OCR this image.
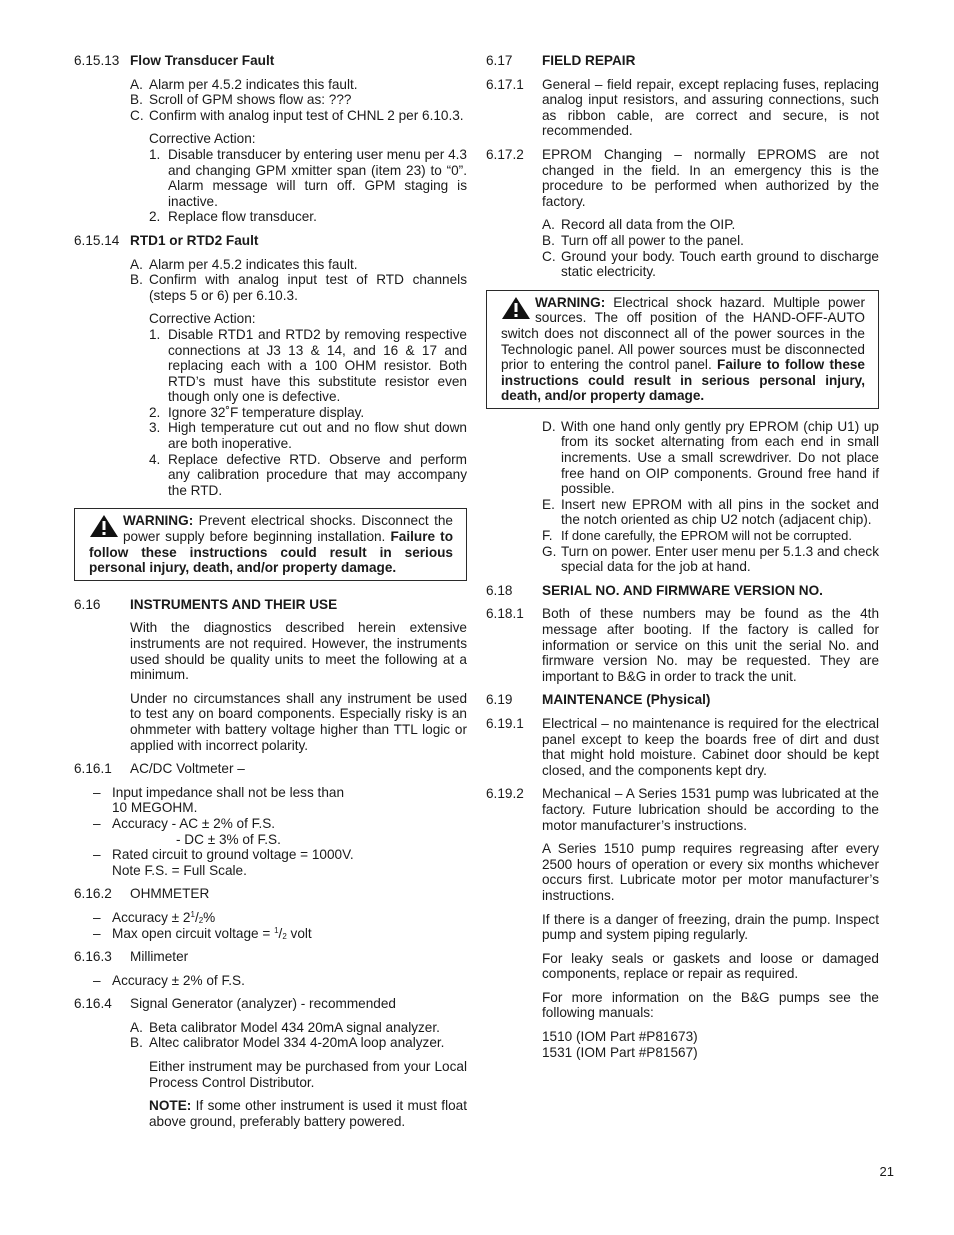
6.15.13 Flow Transducer Fault
A. Alarm per 4.5.2 indicates this fault.
B. Scroll of GPM shows flow as: ???
C. Confirm with analog input test of CHNL 2 per 6.10.3.
Corrective Action:
1. Disable transducer by entering user menu per 4.3 and changing GPM xmitter span (item 23) to “0”. Alarm message will turn off. GPM staging is inactive.
2. Replace flow transducer.
6.15.14 RTD1 or RTD2 Fault
A. Alarm per 4.5.2 indicates this fault.
B. Confirm with analog input test of RTD channels (steps 5 or 6) per 6.10.3.
Corrective Action:
1. Disable RTD1 and RTD2 by removing respective connections at J3 13 & 14, and 16 & 17 and replacing each with a 100 OHM resistor. Both RTD’s must have this substitute resistor even though only one is defective.
2. Ignore 32˚F temperature display.
3. High temperature cut out and no flow shut down are both inoperative.
4. Replace defective RTD. Observe and perform any calibration procedure that may accompany the RTD.
WARNING: Prevent electrical shocks. Disconnect the power supply before beginning installation. Failure to follow these instructions could result in serious personal injury, death, and/or property damage.
6.16	INSTRUMENTS AND THEIR USE
With the diagnostics described herein extensive instruments are not required. However, the instruments used should be quality units to meet the following at a minimum.
Under no circumstances shall any instrument be used to test any on board components. Especially risky is an ohmmeter with battery voltage higher than TTL logic or applied with incorrect polarity.
6.16.1	AC/DC Voltmeter –
– Input impedance shall not be less than
10 MEGOHM.
– Accuracy - AC ± 2% of F.S.
- DC ± 3% of F.S.
– Rated circuit to ground voltage = 1000V.
Note F.S. = Full Scale.
6.16.2	OHMMETER
– Accuracy ± $2^1/2\%$
– Max open circuit voltage = $^1$/2 volt
6.16.3	Millimeter
– Accuracy ± 2% of F.S.
6.16.4	Signal Generator (analyzer) - recommended
A. Beta calibrator Model 434 20mA signal analyzer.
B. Altec calibrator Model 334 4-20mA loop analyzer.
Either instrument may be purchased from your Local Process Control Distributor.
NOTE: If some other instrument is used it must float above ground, preferably battery powered.
6.17	FIELD REPAIR
6.17.1	General – field repair, except replacing fuses, replacing analog input resistors, and assuring connections, such as ribbon cable, are correct and secure, is not recommended.
6.17.2	EPROM Changing – normally EPROMS are not changed in the field. In an emergency this is the procedure to be performed when authorized by the factory.
A. Record all data from the OIP.
B. Turn off all power to the panel.
C. Ground your body. Touch earth ground to discharge static electricity.
WARNING: Electrical shock hazard. Multiple power sources. The off position of the HAND-OFF-AUTO switch does not disconnect all of the power sources in the Technologic panel. All power sources must be disconnected prior to entering the control panel. Failure to follow these instructions could result in serious personal injury, death, and/or property damage.
D. With one hand only gently pry EPROM (chip U1) up from its socket alternating from each end in small increments. Use a small screwdriver. Do not place free hand on OIP components. Ground free hand if possible.
E. Insert new EPROM with all pins in the socket and the notch oriented as chip U2 notch (adjacent chip).
F. If done carefully, the EPROM will not be corrupted.
G. Turn on power. Enter user menu per 5.1.3 and check special data for the job at hand.
6.18	SERIAL NO. AND FIRMWARE VERSION NO.
6.18.1	Both of these numbers may be found as the 4th message after booting. If the factory is called for information or service on this unit the serial No. and firmware version No. may be requested. They are important to B&G in order to track the unit.
6.19	MAINTENANCE (Physical)
6.19.1	Electrical – no maintenance is required for the electrical panel except to keep the boards free of dirt and dust that might hold moisture. Cabinet door should be kept closed, and the components kept dry.
6.19.2	Mechanical – A Series 1531 pump was lubricated at the factory. Future lubrication should be according to the motor manufacturer’s instructions.
A Series 1510 pump requires regreasing after every 2500 hours of operation or every six months whichever occurs first. Lubricate motor per motor manufacturer’s instructions.
If there is a danger of freezing, drain the pump. Inspect pump and system piping regularly.
For leaky seals or gaskets and loose or damaged components, replace or repair as required.
For more information on the B&G pumps see the following manuals:
1510 (IOM Part #P81673)
1531 (IOM Part #P81567)
21
